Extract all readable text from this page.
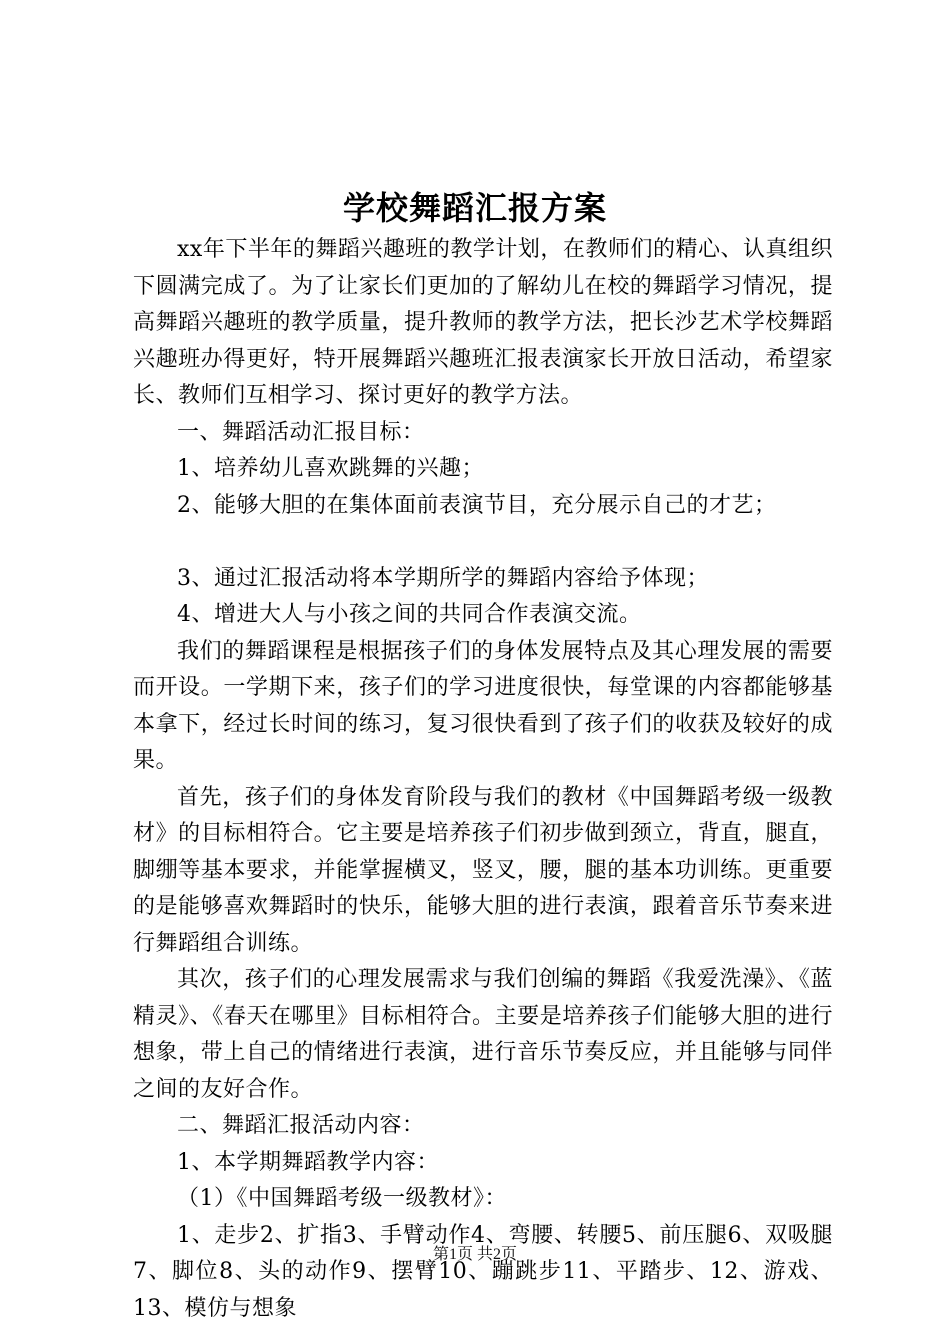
学校舞蹈汇报方案

xx年下半年的舞蹈兴趣班的教学计划，在教师们的精心、认真组织下圆满完成了。为了让家长们更加的了解幼儿在校的舞蹈学习情况，提高舞蹈兴趣班的教学质量，提升教师的教学方法，把长沙艺术学校舞蹈兴趣班办得更好，特开展舞蹈兴趣班汇报表演家长开放日活动，希望家长、教师们互相学习、探讨更好的教学方法。

一、舞蹈活动汇报目标：

1、培养幼儿喜欢跳舞的兴趣；

2、能够大胆的在集体面前表演节目，充分展示自己的才艺；

3、通过汇报活动将本学期所学的舞蹈内容给予体现；

4、增进大人与小孩之间的共同合作表演交流。

我们的舞蹈课程是根据孩子们的身体发展特点及其心理发展的需要而开设。一学期下来，孩子们的学习进度很快，每堂课的内容都能够基本拿下，经过长时间的练习，复习很快看到了孩子们的收获及较好的成果。

首先，孩子们的身体发育阶段与我们的教材《中国舞蹈考级一级教材》的目标相符合。它主要是培养孩子们初步做到颈立，背直，腿直，脚绷等基本要求，并能掌握横叉，竖叉，腰，腿的基本功训练。更重要的是能够喜欢舞蹈时的快乐，能够大胆的进行表演，跟着音乐节奏来进行舞蹈组合训练。

其次，孩子们的心理发展需求与我们创编的舞蹈《我爱洗澡》、《蓝精灵》、《春天在哪里》目标相符合。主要是培养孩子们能够大胆的进行想象，带上自己的情绪进行表演，进行音乐节奏反应，并且能够与同伴之间的友好合作。

二、舞蹈汇报活动内容：

1、本学期舞蹈教学内容：

（1）《中国舞蹈考级一级教材》：

1、走步2、扩指3、手臂动作4、弯腰、转腰5、前压腿6、双吸腿7、脚位8、头的动作9、摆臂10、蹦跳步11、平踏步、12、游戏、13、模仿与想象

第1页 共2页
